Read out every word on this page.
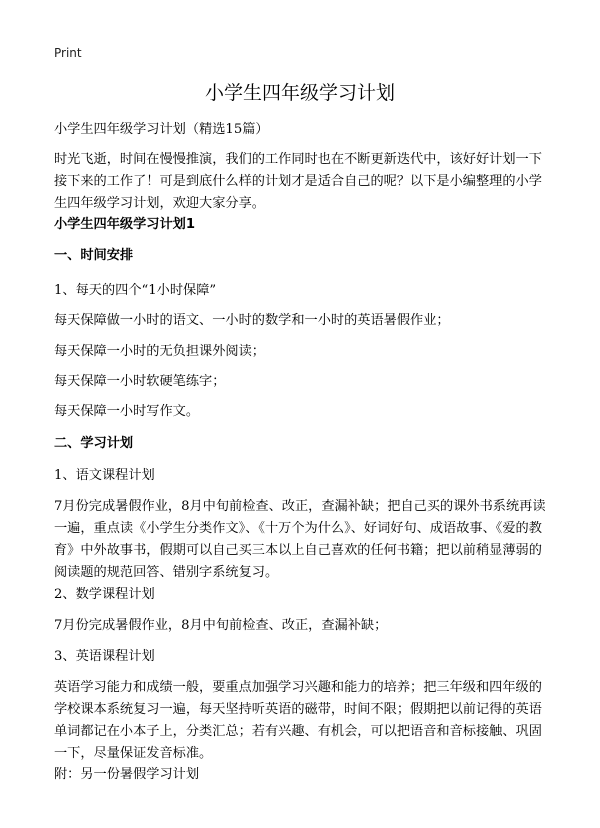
Print
小学生四年级学习计划
小学生四年级学习计划（精选15篇）
时光飞逝，时间在慢慢推演，我们的工作同时也在不断更新迭代中，该好好计划一下接下来的工作了！可是到底什么样的计划才是适合自己的呢？以下是小编整理的小学生四年级学习计划，欢迎大家分享。
小学生四年级学习计划1
一、时间安排
1、每天的四个“1小时保障”
每天保障做一小时的语文、一小时的数学和一小时的英语暑假作业；
每天保障一小时的无负担课外阅读；
每天保障一小时软硬笔练字；
每天保障一小时写作文。
二、学习计划
1、语文课程计划
7月份完成暑假作业，8月中旬前检查、改正，查漏补缺；把自己买的课外书系统再读一遍，重点读《小学生分类作文》、《十万个为什么》、好词好句、成语故事、《爱的教育》中外故事书，假期可以自己买三本以上自己喜欢的任何书籍；把以前稍显薄弱的阅读题的规范回答、错别字系统复习。
2、数学课程计划
7月份完成暑假作业，8月中旬前检查、改正，查漏补缺；
3、英语课程计划
英语学习能力和成绩一般，要重点加强学习兴趣和能力的培养；把三年级和四年级的学校课本系统复习一遍，每天坚持听英语的磁带，时间不限；假期把以前记得的英语单词都记在小本子上，分类汇总；若有兴趣、有机会，可以把语音和音标接触、巩固一下，尽量保证发音标准。
附：另一份暑假学习计划
